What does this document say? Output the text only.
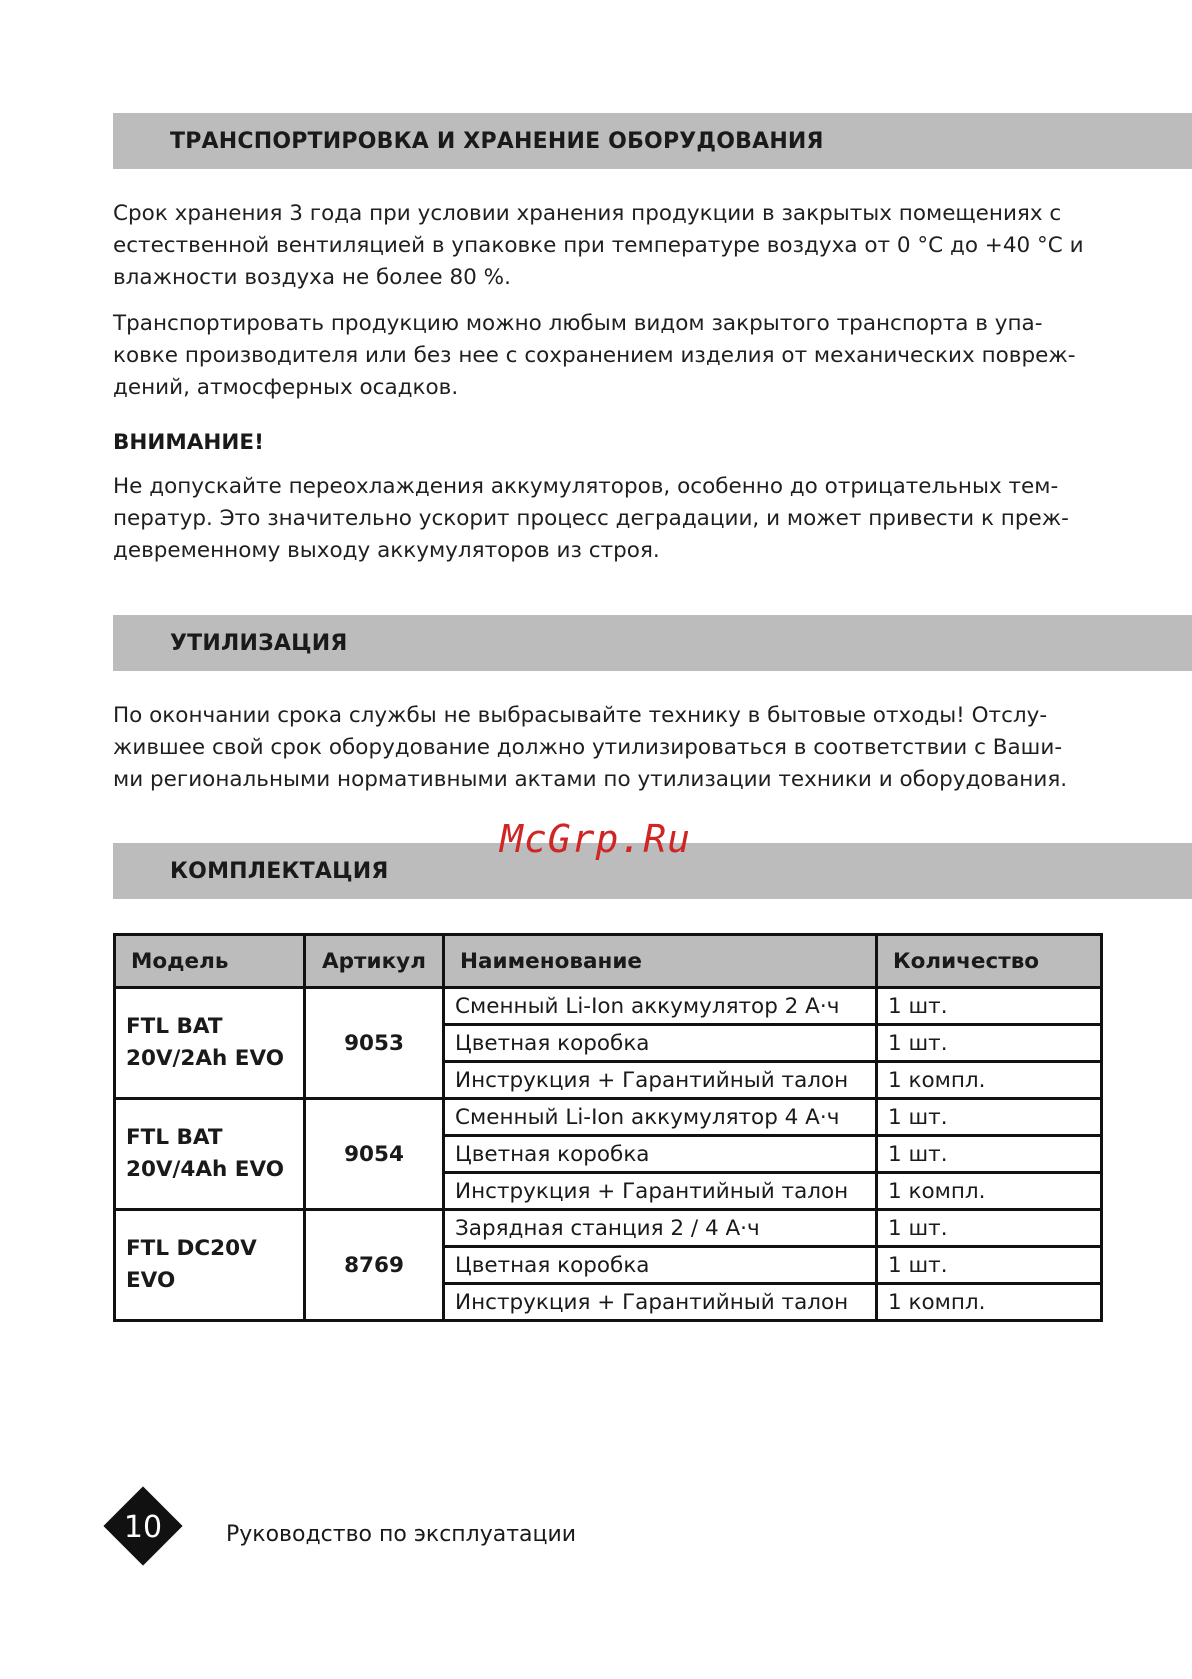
ТРАНСПОРТИРОВКА И ХРАНЕНИЕ ОБОРУДОВАНИЯ

Срок хранения 3 года при условии хранения продукции в закрытых помещениях с
естественной вентиляцией в упаковке при температуре воздуха от 0 °С до +40 °С и
влажности воздуха не более 80 %.

Транспортировать продукцию можно любым видом закрытого транспорта в упа-
ковке производителя или без нее с сохранением изделия от механических повреж-
дений, атмосферных осадков.

ВНИМАНИЕ!

Не допускайте переохлаждения аккумуляторов, особенно до отрицательных тем-
ператур. Это значительно ускорит процесс деградации, и может привести к преж-
девременному выходу аккумуляторов из строя.

УТИЛИЗАЦИЯ

По окончании срока службы не выбрасывайте технику в бытовые отходы! Отслу-
жившее свой срок оборудование должно утилизироваться в соответствии с Ваши-
ми региональными нормативными актами по утилизации техники и оборудования.

КОМПЛЕКТАЦИЯ
McGrp.Ru
Модель	Артикул	Наименование	Количество
FTL BAT
20V/2Ah EVO	9053	Сменный Li-Ion аккумулятор 2 А·ч	1 шт.
		Цветная коробка	1 шт.
		Инструкция + Гарантийный талон	1 компл.
FTL BAT
20V/4Ah EVO	9054	Сменный Li-Ion аккумулятор 4 А·ч	1 шт.
		Цветная коробка	1 шт.
		Инструкция + Гарантийный талон	1 компл.
FTL DC20V
EVO	8769	Зарядная станция 2 / 4 А·ч	1 шт.
		Цветная коробка	1 шт.
		Инструкция + Гарантийный талон	1 компл.
10	Руководство по эксплуатации
